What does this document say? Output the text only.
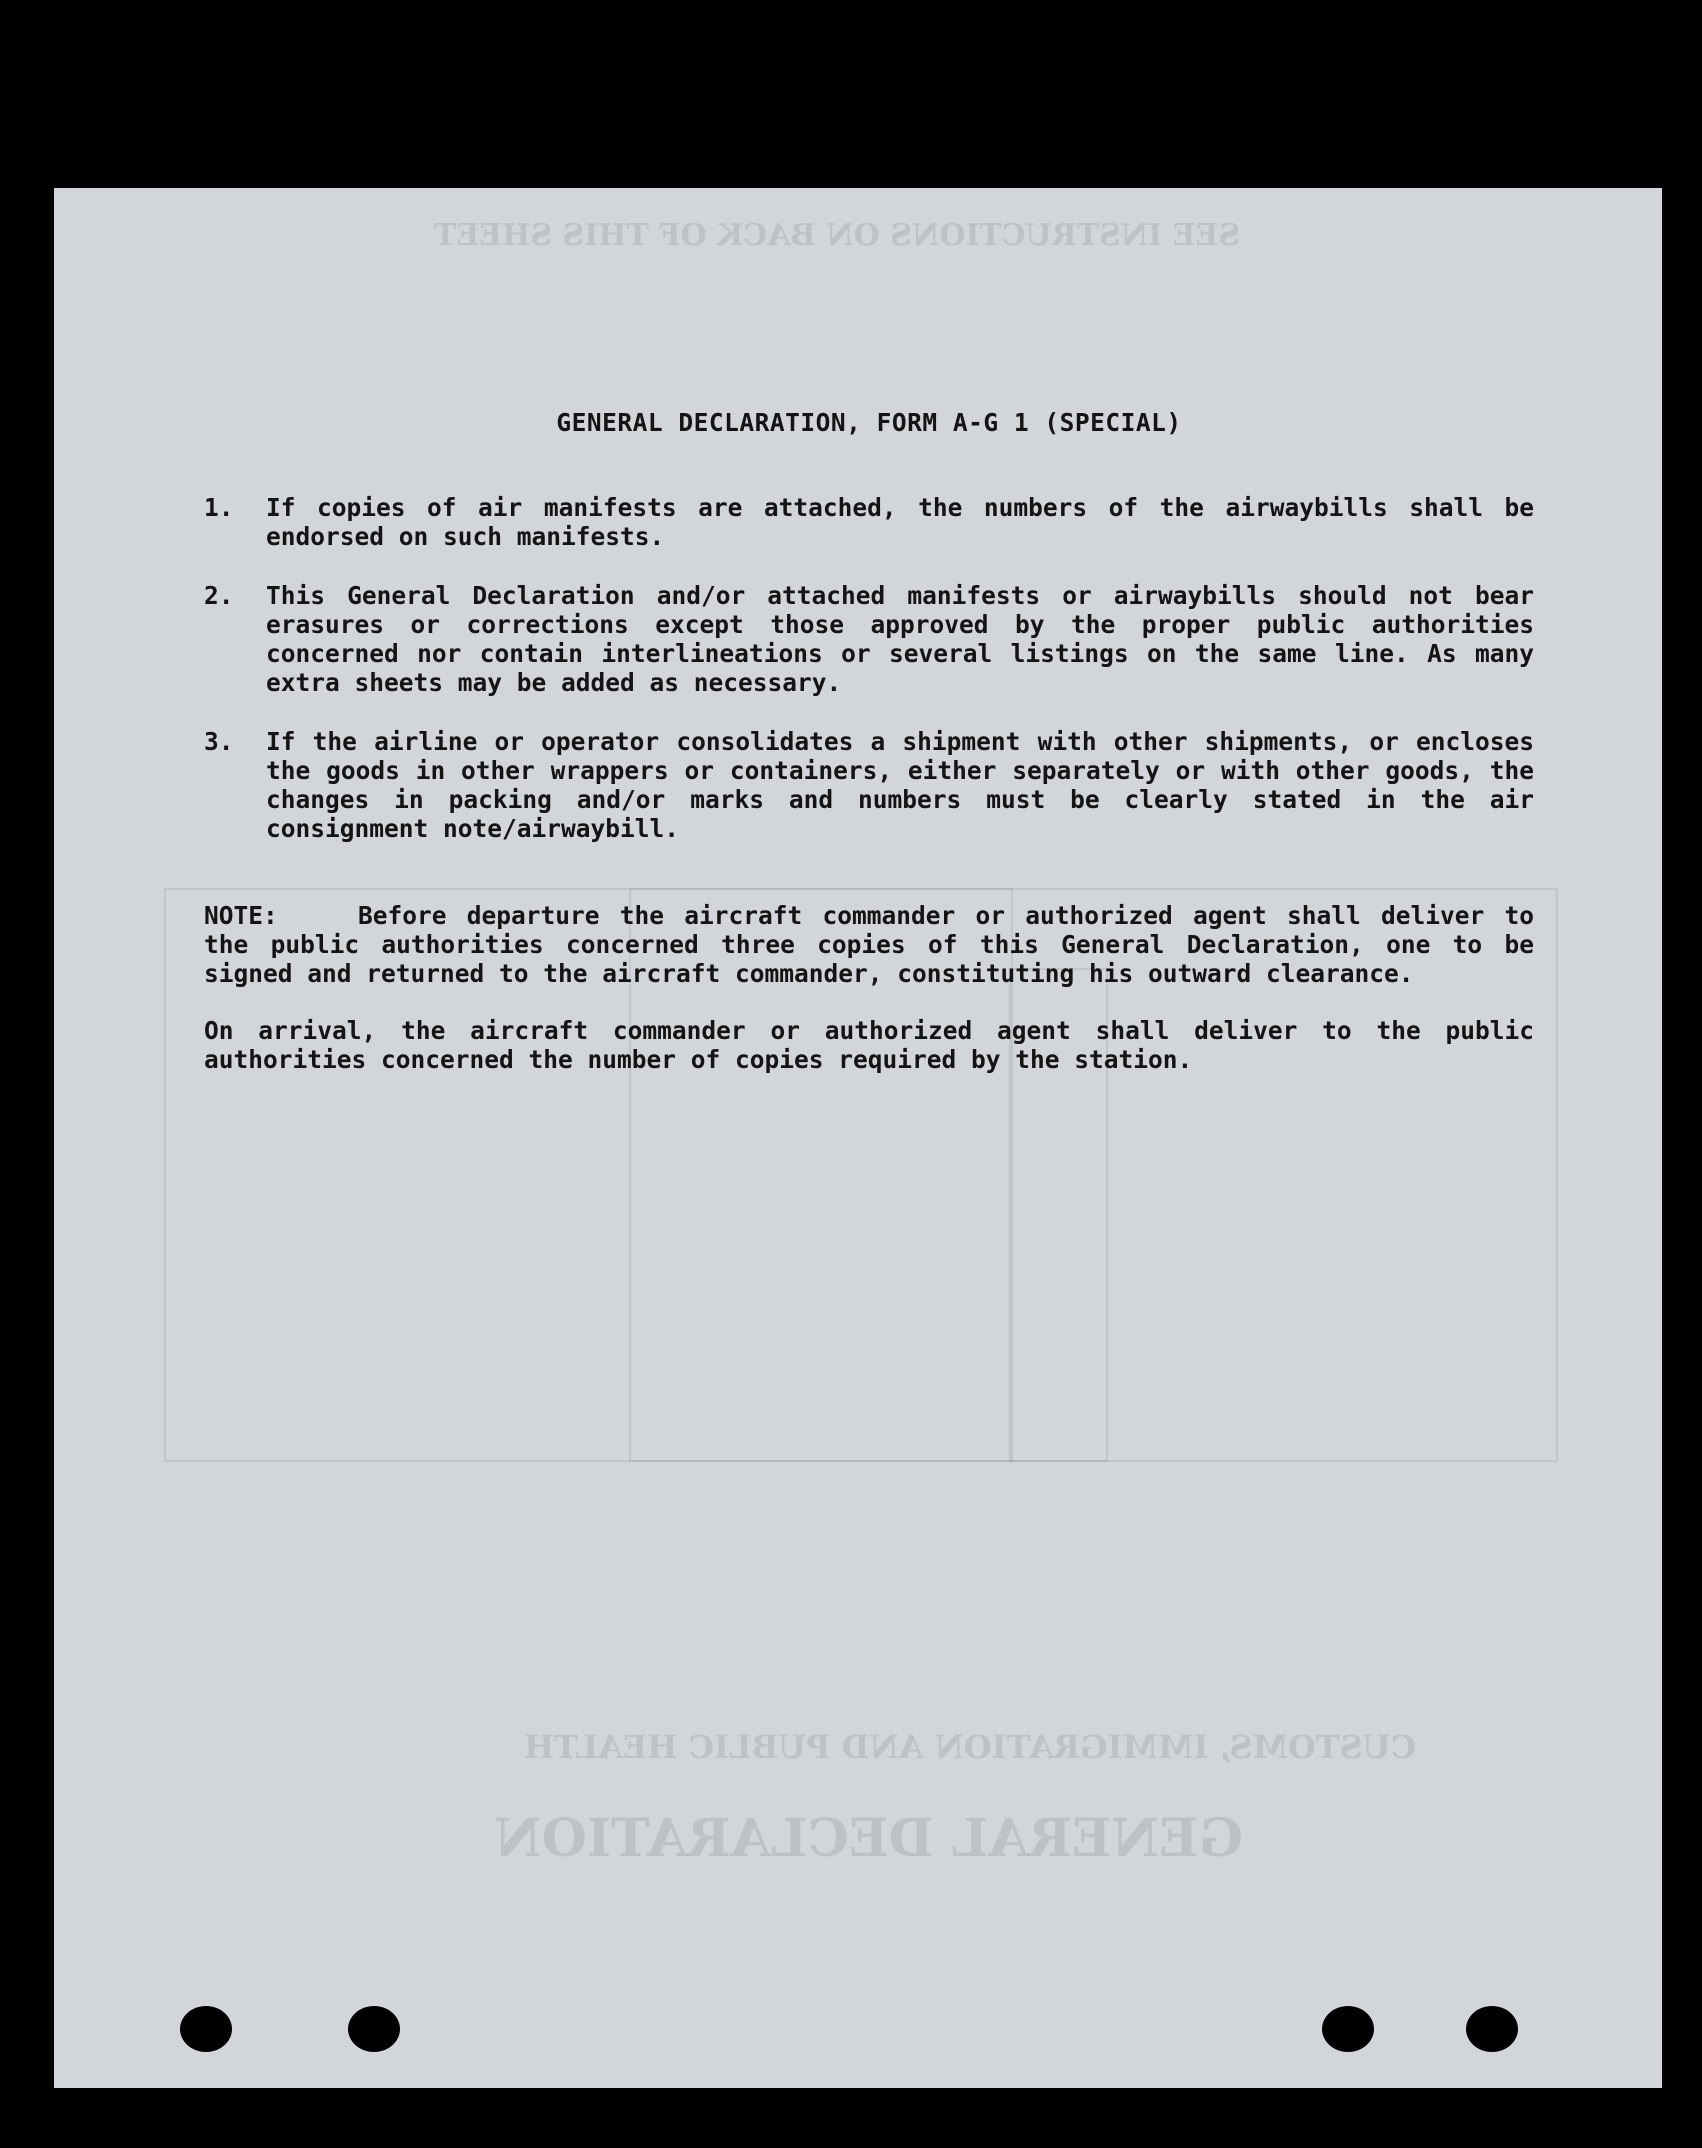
SEE INSTRUCTIONS ON BACK OF THIS SHEET
GENERAL DECLARATION
CUSTOMS, IMMIGRATION AND PUBLIC HEALTH
GENERAL DECLARATION, FORM A-G 1 (SPECIAL)
1.	If copies of air manifests are attached, the numbers of the airwaybills shall be endorsed on such manifests.
2.	This General Declaration and/or attached manifests or airwaybills should not bear erasures or corrections except those approved by the proper public authorities concerned nor contain interlineations or several listings on the same line. As many extra sheets may be added as necessary.
3.	If the airline or operator consolidates a shipment with other shipments, or encloses the goods in other wrappers or containers, either separately or with other goods, the changes in packing and/or marks and numbers must be clearly stated in the air consignment note/airwaybill.
NOTE:	Before departure the aircraft commander or authorized agent shall deliver to the public authorities concerned three copies of this General Declaration, one to be signed and returned to the aircraft commander, constituting his outward clearance.
On arrival, the aircraft commander or authorized agent shall deliver to the public authorities concerned the number of copies required by the station.
